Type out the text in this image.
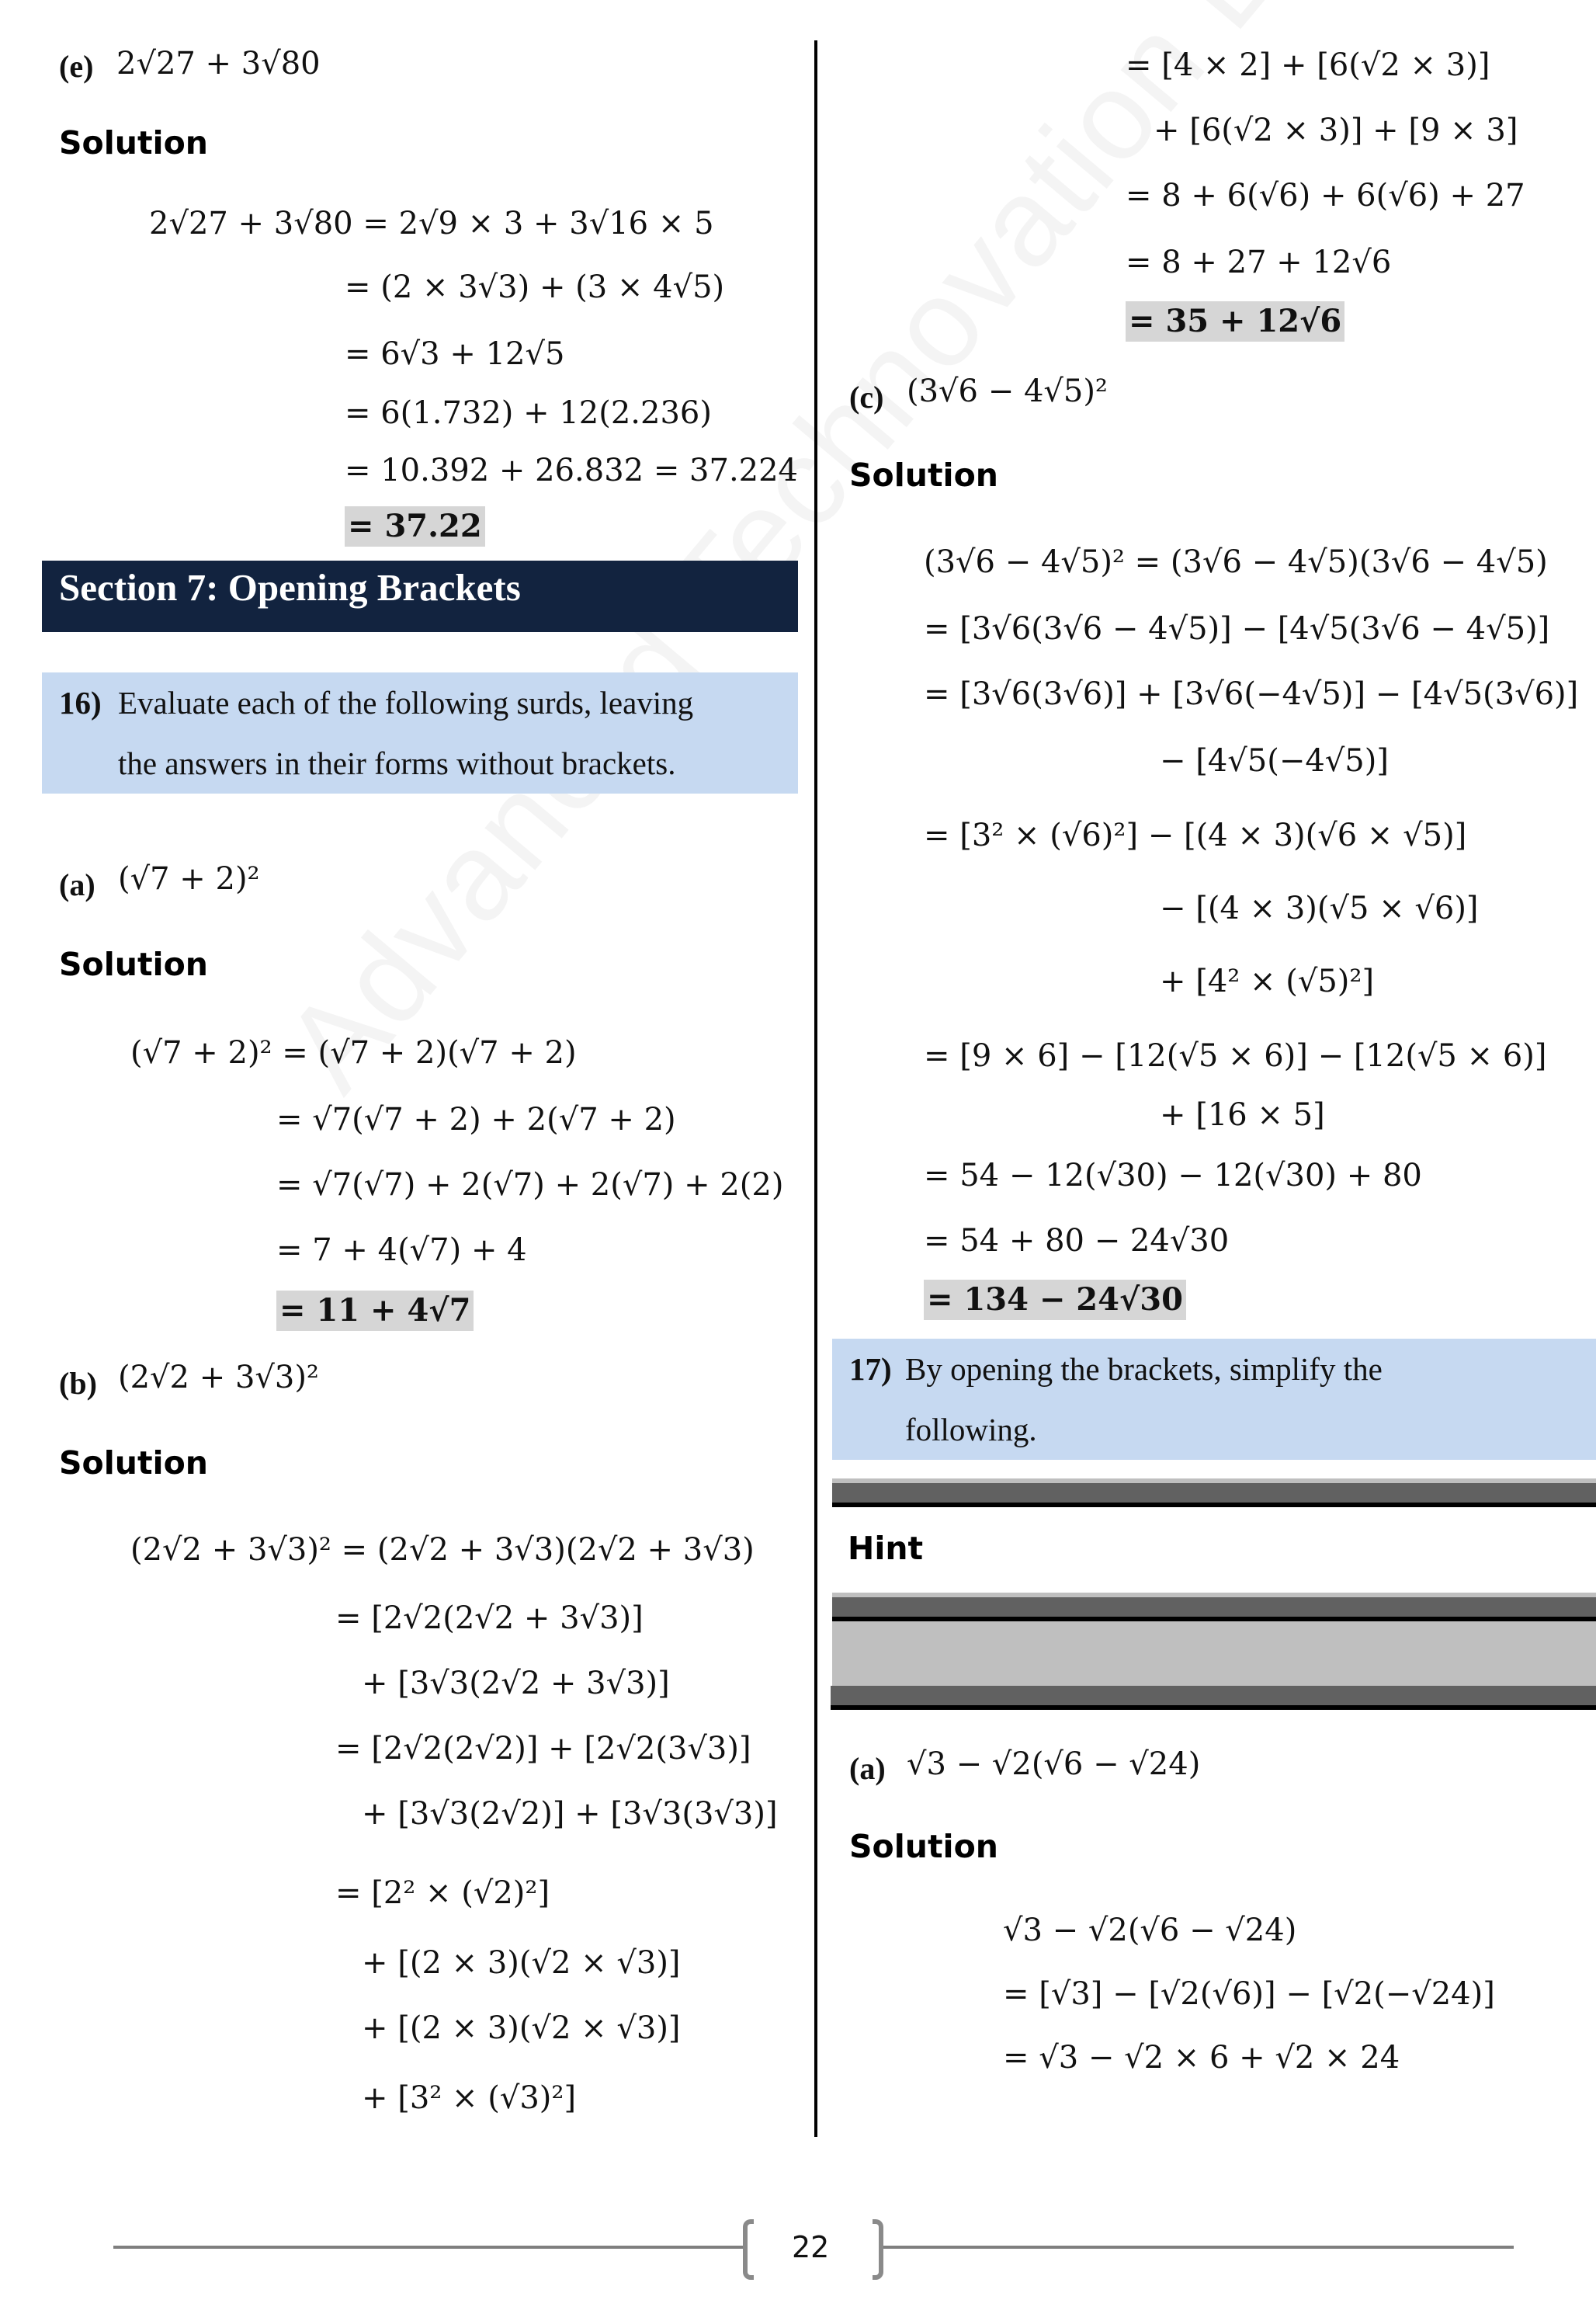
(e) 2√27 + 3√80
Solution
2√27 + 3√80 = 2√9 × 3 + 3√16 × 5
= (2 × 3√3) + (3 × 4√5)
= 6√3 + 12√5
= 6(1.732) + 12(2.236)
= 10.392 + 26.832 = 37.224
= 37.22
Section 7: Opening Brackets
16) Evaluate each of the following surds, leaving
the answers in their forms without brackets.
(a) (√7 + 2)²
Solution
(√7 + 2)² = (√7 + 2)(√7 + 2)
= √7(√7 + 2) + 2(√7 + 2)
= √7(√7) + 2(√7) + 2(√7) + 2(2)
= 7 + 4(√7) + 4
= 11 + 4√7
(b) (2√2 + 3√3)²
Solution
(2√2 + 3√3)² = (2√2 + 3√3)(2√2 + 3√3)
= [2√2(2√2 + 3√3)]
+ [3√3(2√2 + 3√3)]
= [2√2(2√2)] + [2√2(3√3)]
+ [3√3(2√2)] + [3√3(3√3)]
= [2² × (√2)²]
+ [(2 × 3)(√2 × √3)]
+ [(2 × 3)(√2 × √3)]
+ [3² × (√3)²]
= [4 × 2] + [6(√2 × 3)]
+ [6(√2 × 3)] + [9 × 3]
= 8 + 6(√6) + 6(√6) + 27
= 8 + 27 + 12√6
= 35 + 12√6
(c) (3√6 − 4√5)²
Solution
(3√6 − 4√5)² = (3√6 − 4√5)(3√6 − 4√5)
= [3√6(3√6 − 4√5)] − [4√5(3√6 − 4√5)]
= [3√6(3√6)] + [3√6(−4√5)] − [4√5(3√6)]
− [4√5(−4√5)]
= [3² × (√6)²] − [(4 × 3)(√6 × √5)]
− [(4 × 3)(√5 × √6)]
+ [4² × (√5)²]
= [9 × 6] − [12(√5 × 6)] − [12(√5 × 6)]
+ [16 × 5]
= 54 − 12(√30) − 12(√30) + 80
= 54 + 80 − 24√30
= 134 − 24√30
17) By opening the brackets, simplify the
following.
Hint
(a) √3 − √2(√6 − √24)
Solution
√3 − √2(√6 − √24)
= [√3] − [√2(√6)] − [√2(−√24)]
= √3 − √2 × 6 + √2 × 24
22
